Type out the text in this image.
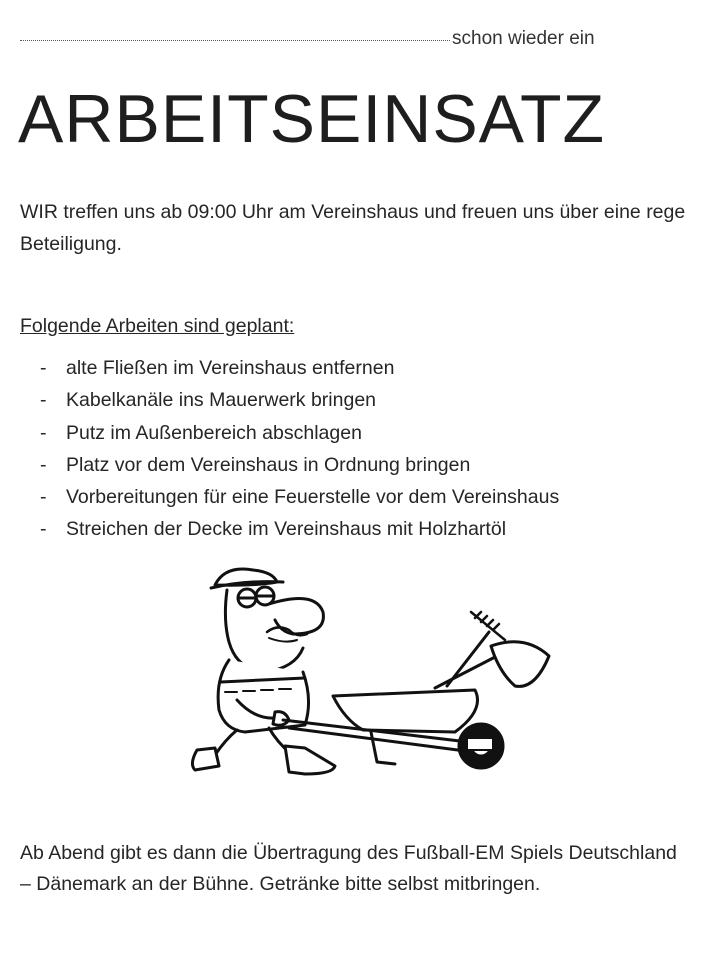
schon wieder ein
ARBEITSEINSATZ

WIR treffen uns ab 09:00 Uhr am Vereinshaus und freuen uns über eine rege Beteiligung.

Folgende Arbeiten sind geplant:

-	alte Fließen im Vereinshaus entfernen
-	Kabelkanäle ins Mauerwerk bringen
-	Putz im Außenbereich abschlagen
-	Platz vor dem Vereinshaus in Ordnung bringen
-	Vorbereitungen für eine Feuerstelle vor dem Vereinshaus
-	Streichen der Decke im Vereinshaus mit Holzhartöl

Ab Abend gibt es dann die Übertragung des Fußball-EM Spiels Deutschland – Dänemark an der Bühne. Getränke bitte selbst mitbringen.
